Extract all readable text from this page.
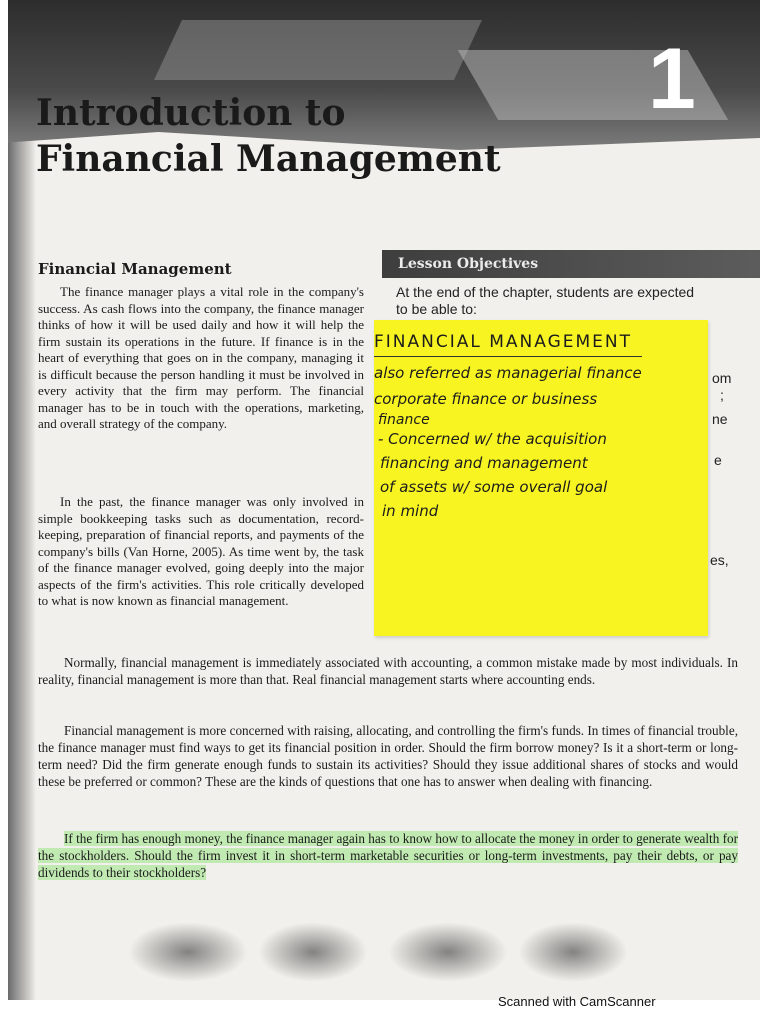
1
Introduction to
Financial Management
Financial Management

The finance manager plays a vital role in the company's success. As cash flows into the company, the finance manager thinks of how it will be used daily and how it will help the firm sustain its operations in the future. If finance is in the heart of everything that goes on in the company, managing it is difficult because the person handling it must be involved in every activity that the firm may perform. The financial manager has to be in touch with the operations, marketing, and overall strategy of the company.

In the past, the finance manager was only involved in simple bookkeeping tasks such as documentation, record-keeping, preparation of financial reports, and payments of the company's bills (Van Horne, 2005). As time went by, the task of the finance manager evolved, going deeply into the major aspects of the firm's activities. This role critically developed to what is now known as financial management.

Lesson Objectives

At the end of the chapter, students are expected to be able to:

om
;
ne
e
es,

FINANCIAL MANAGEMENT

also referred as managerial finance

corporate finance or business

finance

- Concerned w/ the acquisition

financing and management

of assets w/ some overall goal

in mind

Normally, financial management is immediately associated with accounting, a common mistake made by most individuals. In reality, financial management is more than that. Real financial management starts where accounting ends.

Financial management is more concerned with raising, allocating, and controlling the firm's funds. In times of financial trouble, the finance manager must find ways to get its financial position in order. Should the firm borrow money? Is it a short-term or long-term need? Did the firm generate enough funds to sustain its activities? Should they issue additional shares of stocks and would these be preferred or common? These are the kinds of questions that one has to answer when dealing with financing.

If the firm has enough money, the finance manager again has to know how to allocate the money in order to generate wealth for the stockholders. Should the firm invest it in short-term marketable securities or long-term investments, pay their debts, or pay dividends to their stockholders?

Scanned with CamScanner
